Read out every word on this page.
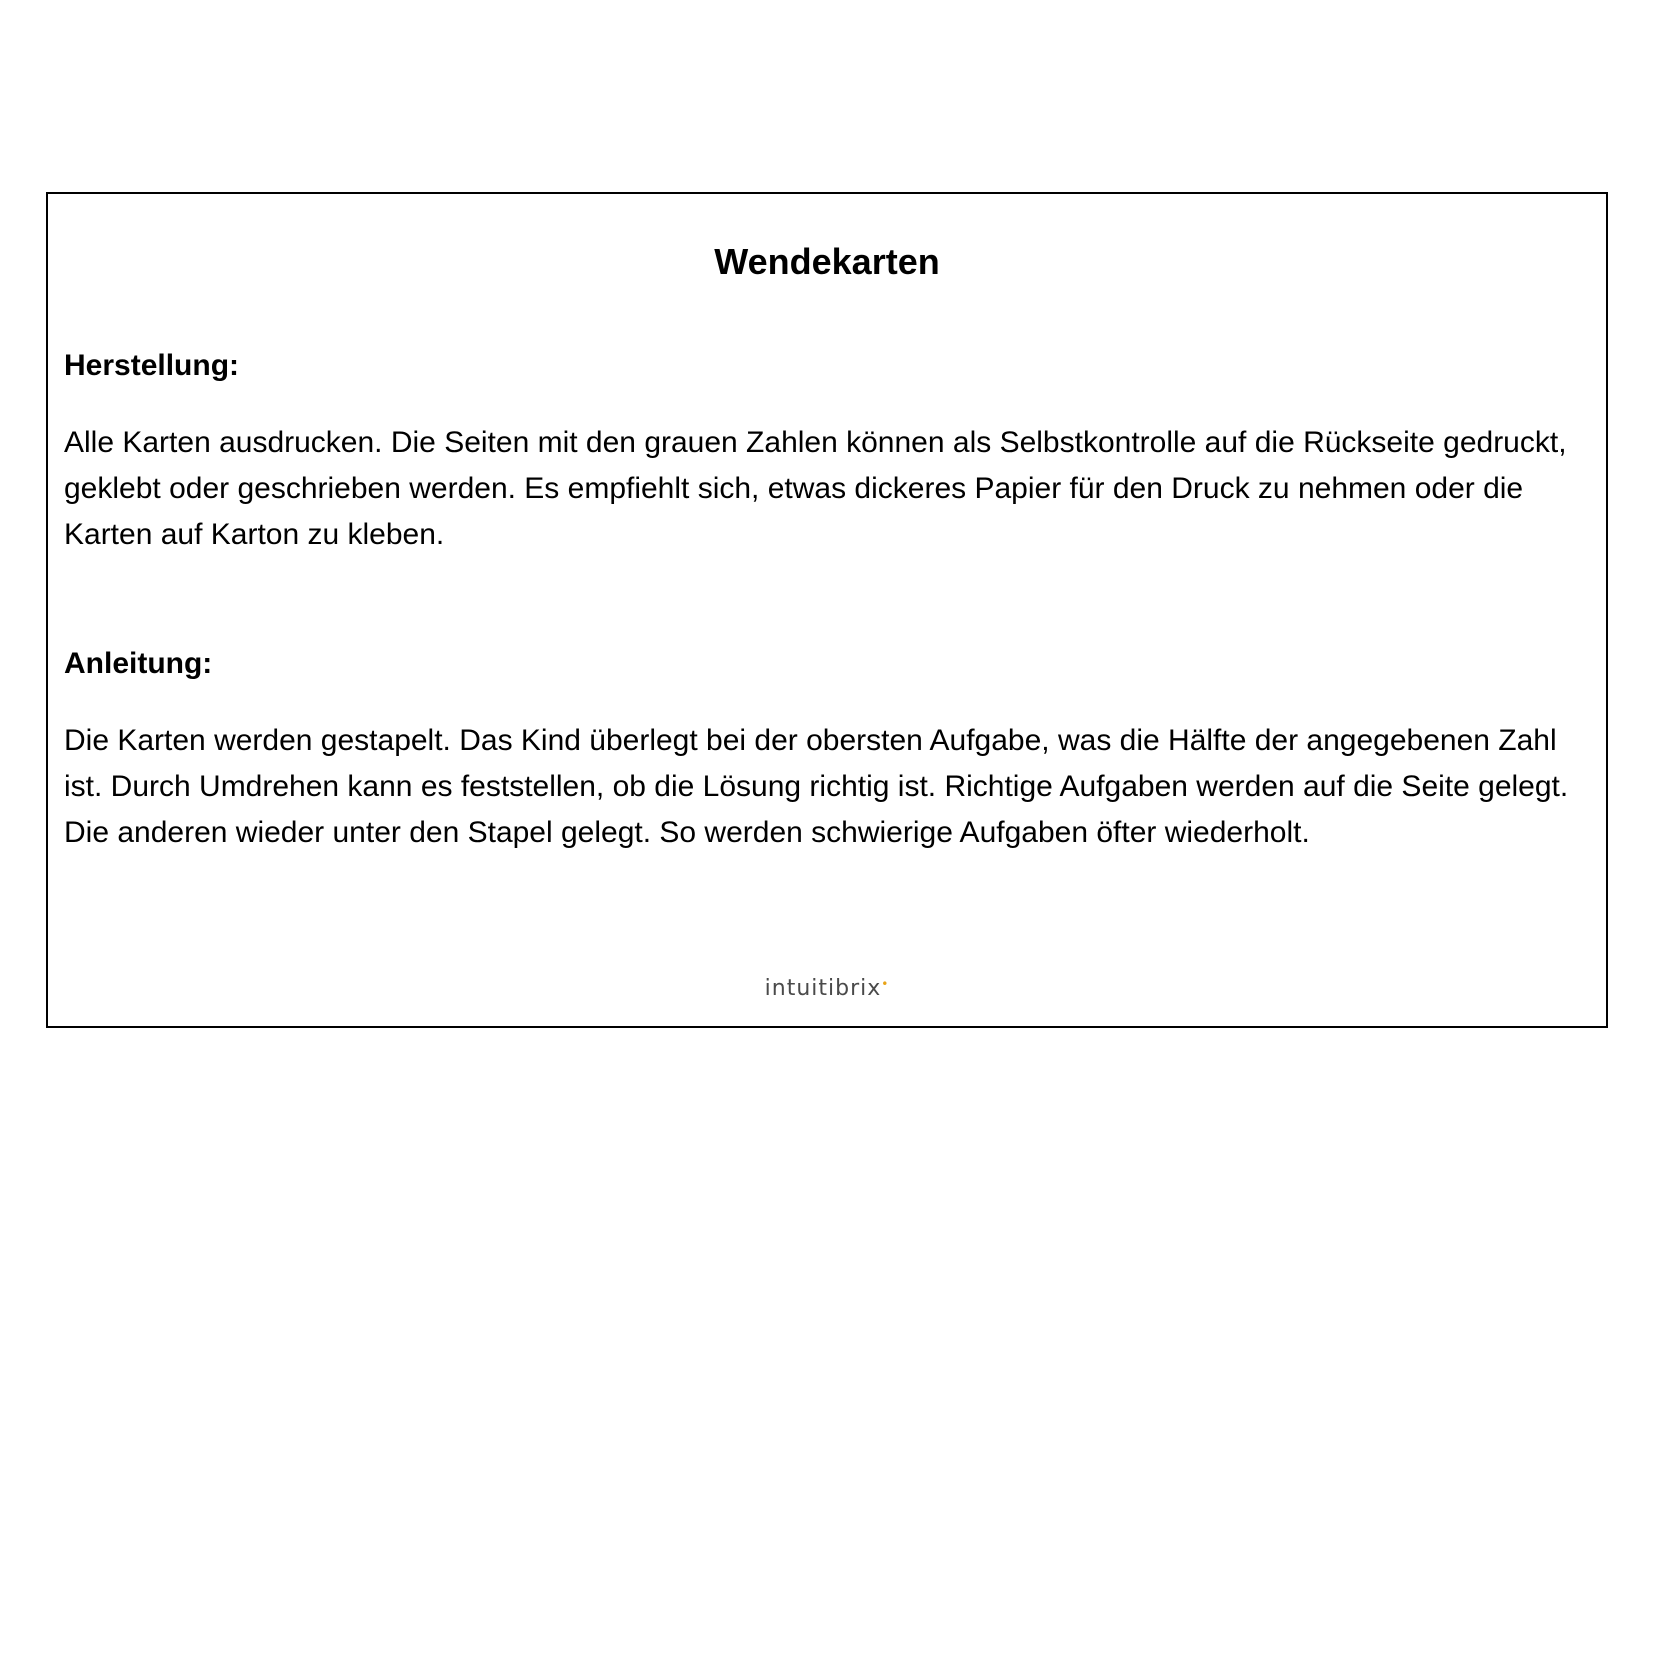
Wendekarten
Herstellung:

Alle Karten ausdrucken. Die Seiten mit den grauen Zahlen können als Selbstkontrolle auf die Rückseite gedruckt, geklebt oder geschrieben werden. Es empfiehlt sich, etwas dickeres Papier für den Druck zu nehmen oder die Karten auf Karton zu kleben.

Anleitung:

Die Karten werden gestapelt. Das Kind überlegt bei der obersten Aufgabe, was die Hälfte der angegebenen Zahl ist. Durch Umdrehen kann es feststellen, ob die Lösung richtig ist. Richtige Aufgaben werden auf die Seite gelegt. Die anderen wieder unter den Stapel gelegt. So werden schwierige Aufgaben öfter wiederholt.

intuitibrix•
